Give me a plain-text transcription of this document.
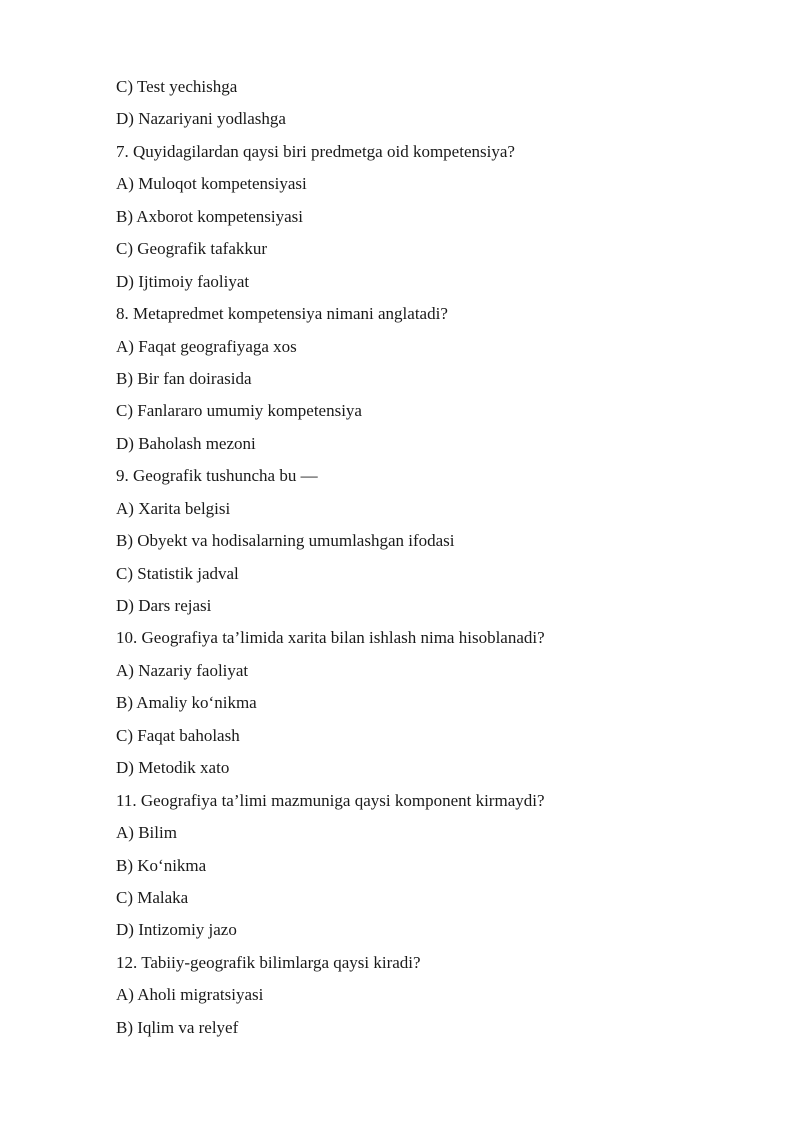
C) Test yechishga
D) Nazariyani yodlashga
7. Quyidagilardan qaysi biri predmetga oid kompetensiya?
A) Muloqot kompetensiyasi
B) Axborot kompetensiyasi
C) Geografik tafakkur
D) Ijtimoiy faoliyat
8. Metapredmet kompetensiya nimani anglatadi?
A) Faqat geografiyaga xos
B) Bir fan doirasida
C) Fanlararo umumiy kompetensiya
D) Baholash mezoni
9. Geografik tushuncha bu —
A) Xarita belgisi
B) Obyekt va hodisalarning umumlashgan ifodasi
C) Statistik jadval
D) Dars rejasi
10. Geografiya ta’limida xarita bilan ishlash nima hisoblanadi?
A) Nazariy faoliyat
B) Amaliy ko‘nikma
C) Faqat baholash
D) Metodik xato
11. Geografiya ta’limi mazmuniga qaysi komponent kirmaydi?
A) Bilim
B) Ko‘nikma
C) Malaka
D) Intizomiy jazo
12. Tabiiy-geografik bilimlarga qaysi kiradi?
A) Aholi migratsiyasi
B) Iqlim va relyef
